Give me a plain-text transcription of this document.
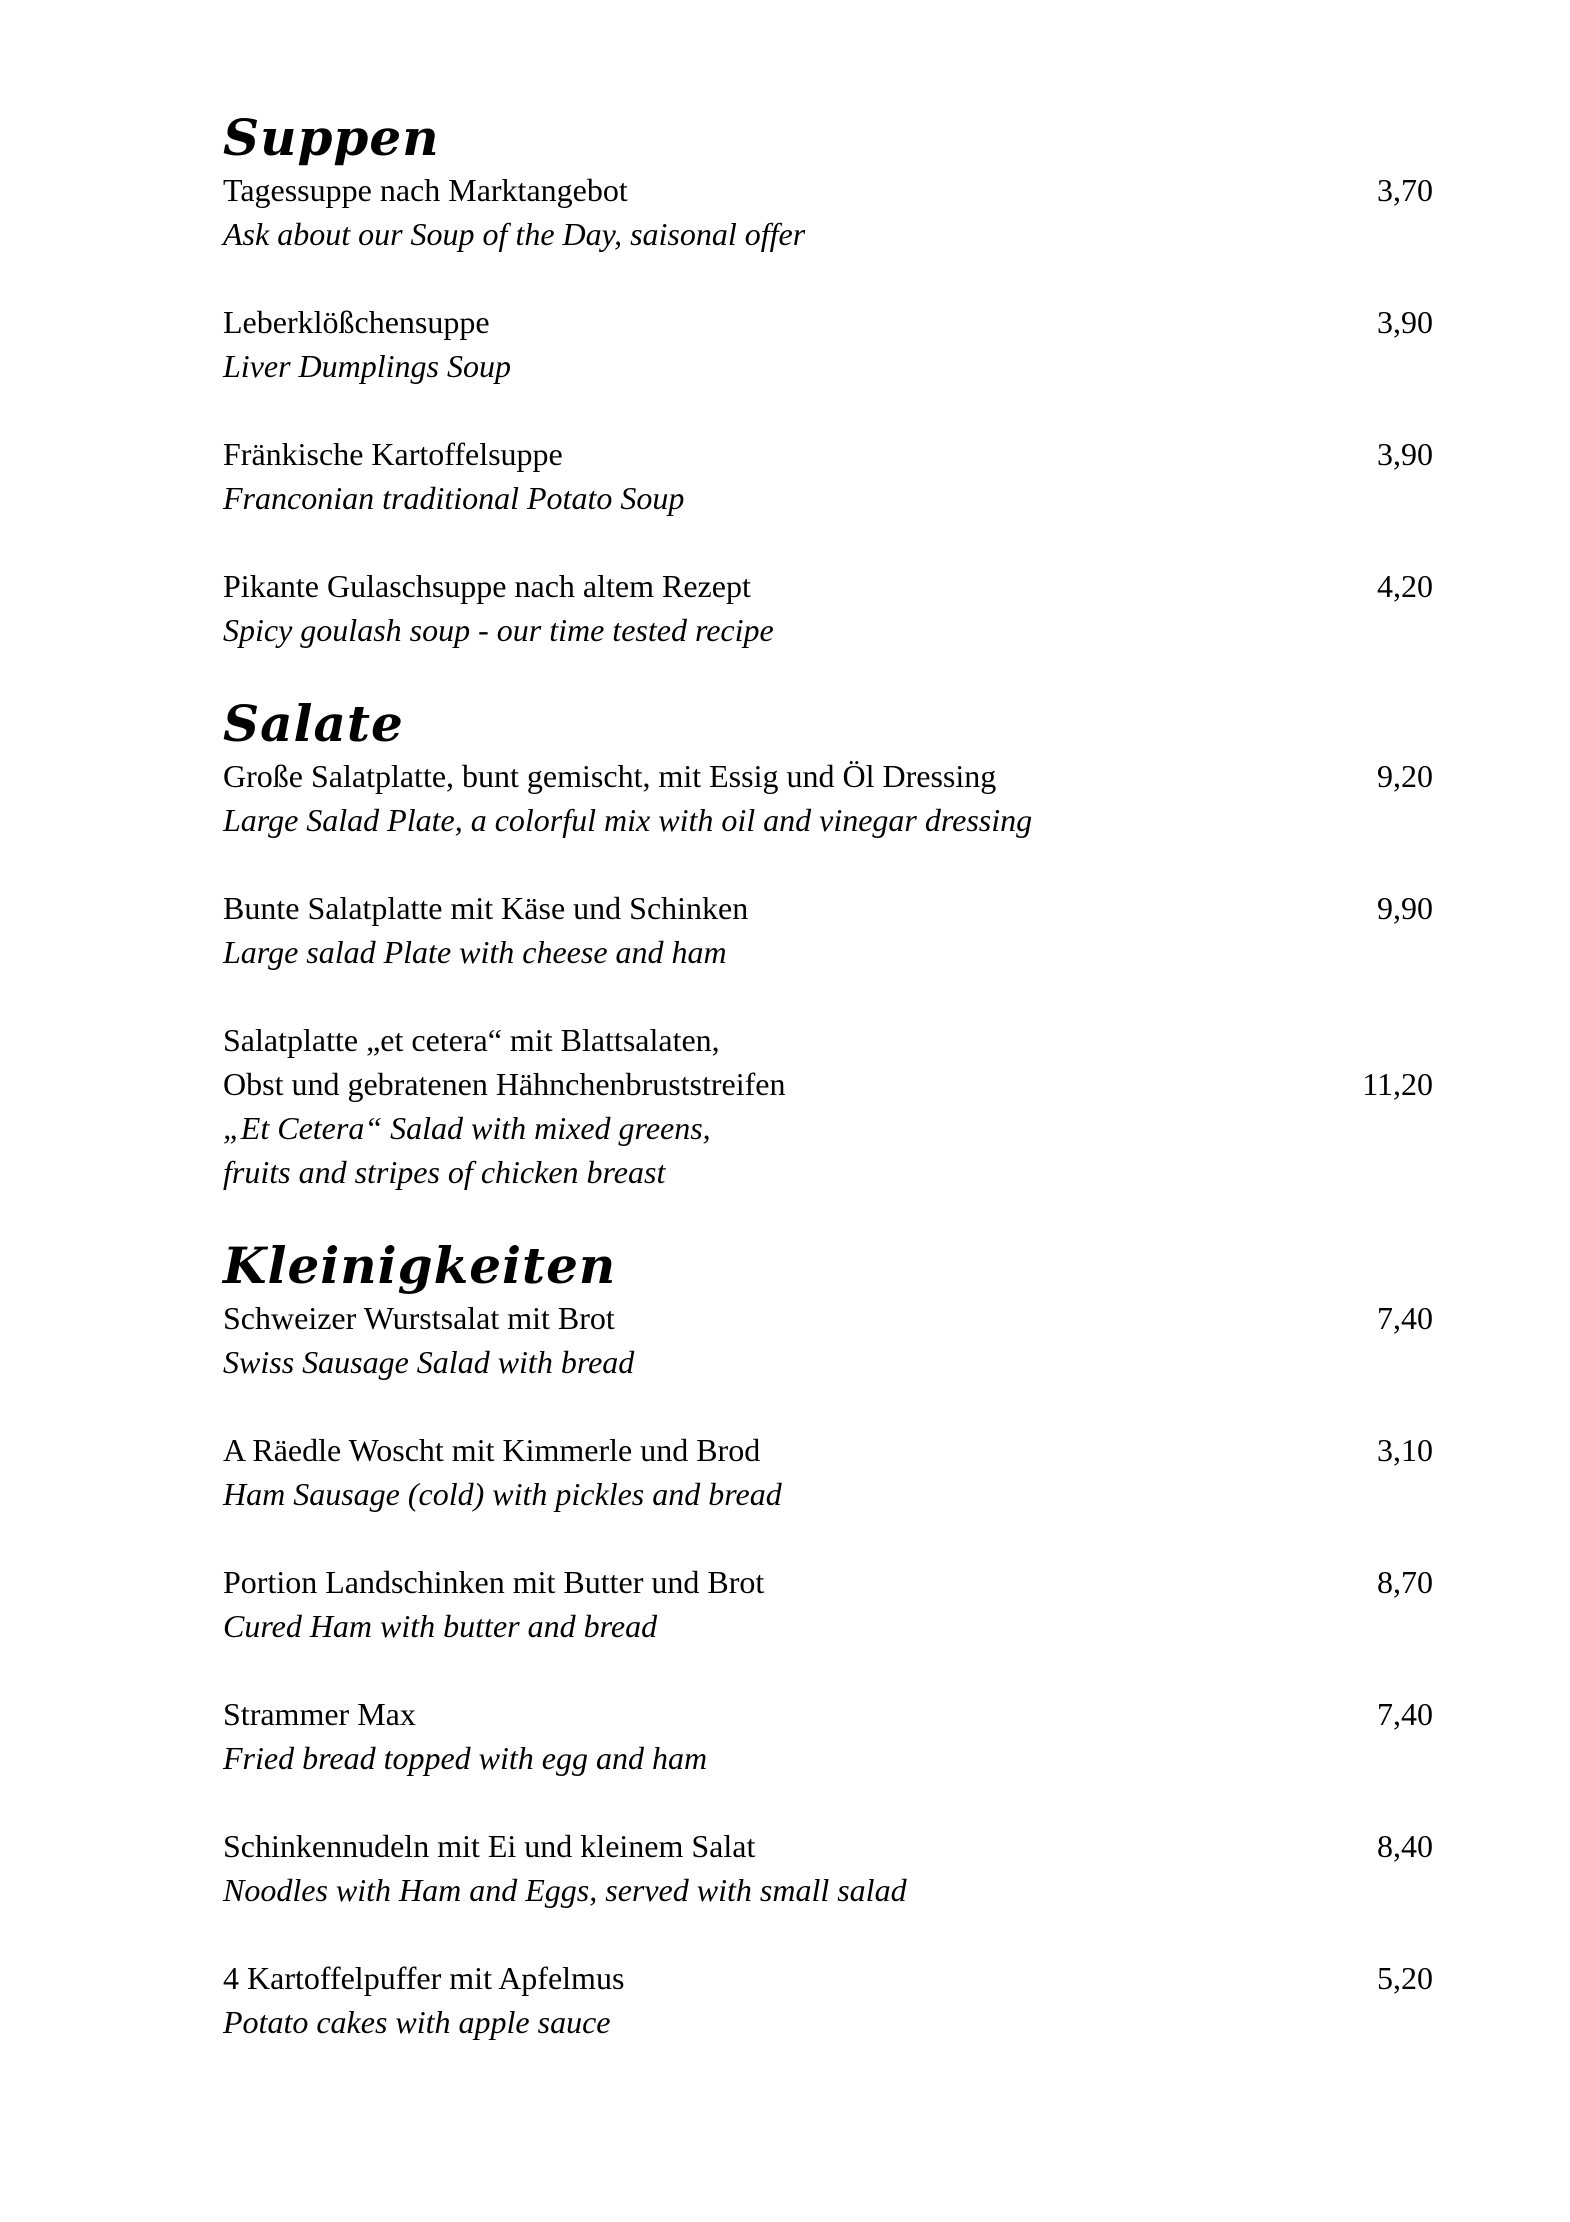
Suppen
Tagessuppe nach Marktangebot
Ask about our Soup of the Day, saisonal offer
3,70
Leberklößchensuppe
Liver Dumplings Soup
3,90
Fränkische Kartoffelsuppe
Franconian traditional Potato Soup
3,90
Pikante Gulaschsuppe nach altem Rezept
Spicy goulash soup - our time tested recipe
4,20
Salate
Große Salatplatte, bunt gemischt, mit Essig und Öl Dressing
Large Salad Plate, a colorful mix with oil and vinegar dressing
9,20
Bunte Salatplatte mit Käse und Schinken
Large salad Plate with cheese and ham
9,90
Salatplatte „et cetera“ mit Blattsalaten,
Obst und gebratenen Hähnchenbruststreifen
„Et Cetera“ Salad with mixed greens,
fruits and stripes of chicken breast
11,20
Kleinigkeiten
Schweizer Wurstsalat mit Brot
Swiss Sausage Salad with bread
7,40
A Räedle Woscht mit Kimmerle und Brod
Ham Sausage (cold) with pickles and bread
3,10
Portion Landschinken mit Butter und Brot
Cured Ham with butter and bread
8,70
Strammer Max
Fried bread topped with egg and ham
7,40
Schinkennudeln mit Ei und kleinem Salat
Noodles with Ham and Eggs, served with small salad
8,40
4 Kartoffelpuffer mit Apfelmus
Potato cakes with apple sauce
5,20
